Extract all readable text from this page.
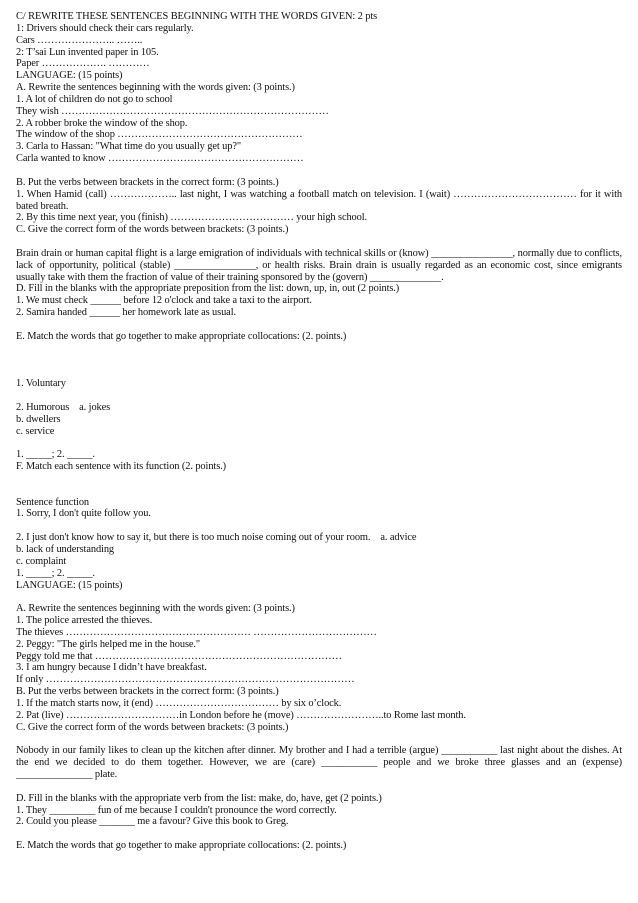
C/ REWRITE THESE SENTENCES BEGINNING WITH THE WORDS GIVEN: 2 pts
1: Drivers should check their cars regularly.
Cars ………………….. ……..
2: T’sai Lun invented paper in 105.
Paper ………………. …………
LANGUAGE: (15 points)
A. Rewrite the sentences beginning with the words given: (3 points.)
1. A lot of children do not go to school
They wish ……………………………………………………………………
2. A robber broke the window of the shop.
The window of the shop ………………………………………………
3. Carla to Hassan: "What time do you usually get up?"
Carla wanted to know …………………………………………………
B. Put the verbs between brackets in the correct form: (3 points.)
1. When Hamid (call) ……………….. last night, I was watching a football match on television. I (wait) ……………………………… for it with bated breath.
2. By this time next year, you (finish) ……………………………… your high school.
C. Give the correct form of the words between brackets: (3 points.)
Brain drain or human capital flight is a large emigration of individuals with technical skills or (know) ________________, normally due to conflicts, lack of opportunity, political (stable) ________________, or health risks. Brain drain is usually regarded as an economic cost, since emigrants usually take with them the fraction of value of their training sponsored by the (govern) ______________.
D. Fill in the blanks with the appropriate preposition from the list: down, up, in, out (2 points.)
1. We must check ______ before 12 o'clock and take a taxi to the airport.
2. Samira handed ______ her homework late as usual.
E. Match the words that go together to make appropriate collocations: (2. points.)
1. Voluntary
2. Humorous a. jokes
b. dwellers
c. service
1. _____; 2. _____.
F. Match each sentence with its function (2. points.)
Sentence function
1. Sorry, I don't quite follow you.
2. I just don't know how to say it, but there is too much noise coming out of your room. a. advice
b. lack of understanding
c. complaint
1. _____; 2. _____.
LANGUAGE: (15 points)
A. Rewrite the sentences beginning with the words given: (3 points.)
1. The police arrested the thieves.
The thieves ……………………………………………… ………………………………
2. Peggy: "The girls helped me in the house."
Peggy told me that ………………………………………………………………
3. I am hungry because I didn’t have breakfast.
If only ………………………………………………………………………………
B. Put the verbs between brackets in the correct form: (3 points.)
1. If the match starts now, it (end) ……………………………… by six o’clock.
2. Pat (live) ……………………………in London before he (move) ……………………..to Rome last month.
C. Give the correct form of the words between brackets: (3 points.)
Nobody in our family likes to clean up the kitchen after dinner. My brother and I had a terrible (argue) ___________ last night about the dishes. At the end we decided to do them together. However, we are (care) ___________ people and we broke three glasses and an (expense) _______________ plate.
D. Fill in the blanks with the appropriate verb from the list: make, do, have, get (2 points.)
1. They _________ fun of me because I couldn't pronounce the word correctly.
2. Could you please _______ me a favour? Give this book to Greg.
E. Match the words that go together to make appropriate collocations: (2. points.)
